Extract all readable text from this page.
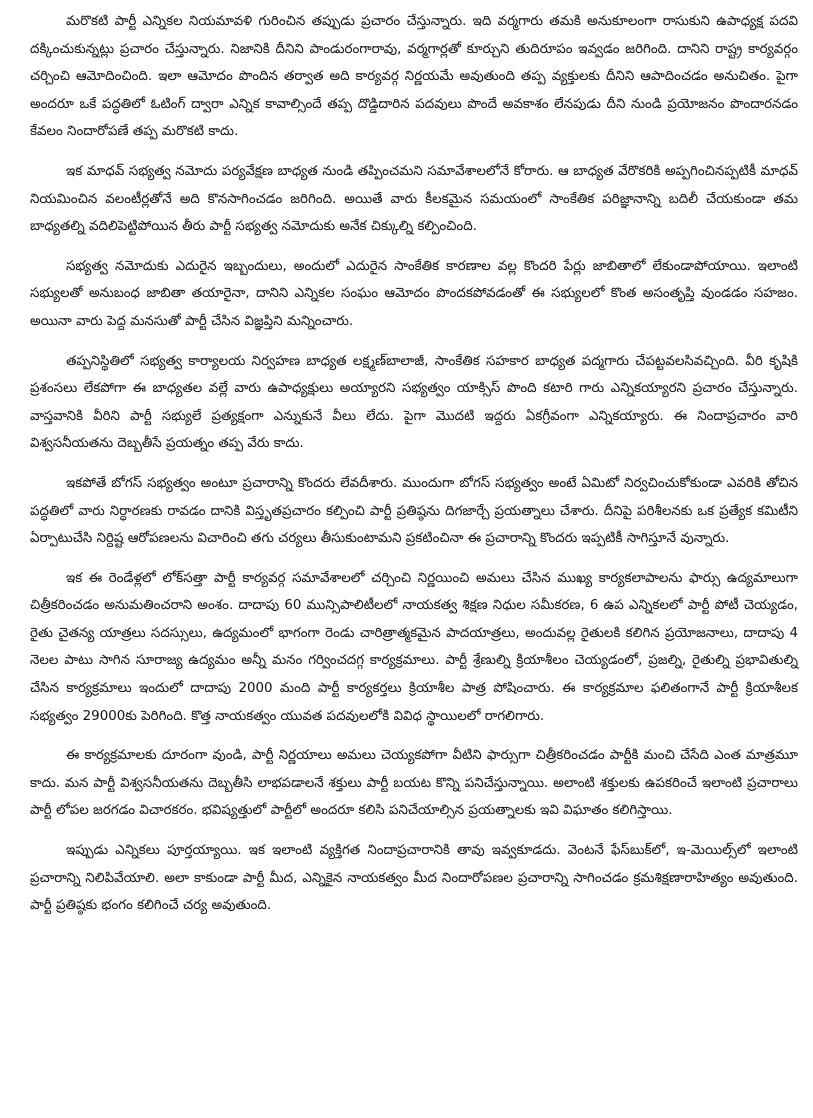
మరొకటి పార్టీ ఎన్నికల నియమావళి గురించిన తప్పుడు ప్రచారం చేస్తున్నారు. ఇది వర్మగారు తమకి అనుకూలంగా రాసుకుని ఉపాధ్యక్ష పదవి దక్కించుకున్నట్లు ప్రచారం చేస్తున్నారు. నిజానికి దీనిని పాండురంగారావు, వర్మగార్లతో కూర్చుని తుదిరూపం ఇవ్వడం జరిగింది. దానిని రాష్ట్ర కార్యవర్గం చర్చించి ఆమోదించింది. ఇలా ఆమోదం పొందిన తర్వాత అది కార్యవర్గ నిర్ణయమే అవుతుంది తప్ప వ్యక్తులకు దీనిని ఆపాదించడం అనుచితం. పైగా అందరూ ఒకే పద్ధతిలో ఓటింగ్ ద్వారా ఎన్నిక కావాల్సిందే తప్ప దొడ్డిదారిన పదవులు పొందే అవకాశం లేనపుడు దీని నుండి ప్రయోజనం పొందారనడం కేవలం నిందారోపణే తప్ప మరొకటి కాదు.

ఇక మాధవ్ సభ్యత్వ నమోదు పర్యవేక్షణ బాధ్యత నుండి తప్పించమని సమావేశాలలోనే కోరారు. ఆ బాధ్యత వేరొకరికి అప్పగించినప్పటికీ మాధవ్ నియమించిన వలంటీర్లతోనే అది కొనసాగించడం జరిగింది. అయితే వారు కీలకమైన సమయంలో సాంకేతిక పరిజ్ఞానాన్ని బదిలీ చేయకుండా తమ బాధ్యతల్ని వదిలిపెట్టిపోయిన తీరు పార్టీ సభ్యత్వ నమోదుకు అనేక చిక్కుల్ని కల్పించింది.

సభ్యత్వ నమోదుకు ఎదురైన ఇబ్బందులు, అందులో ఎదురైన సాంకేతిక కారణాల వల్ల కొందరి పేర్లు జాబితాలో లేకుండాపోయాయి. ఇలాంటి సభ్యులతో అనుబంధ జాబితా తయారైనా, దానిని ఎన్నికల సంఘం ఆమోదం పొందకపోవడంతో ఈ సభ్యులలో కొంత అసంతృప్తి వుండడం సహజం. అయినా వారు పెద్ద మనసుతో పార్టీ చేసిన విజ్ఞప్తిని మన్నించారు.

తప్పనిస్థితిలో సభ్యత్వ కార్యాలయ నిర్వహణ బాధ్యత లక్ష్మణ్‌బాలాజీ, సాంకేతిక సహకార బాధ్యత పద్మగారు చేపట్టవలసివచ్చింది. వీరి కృషికి ప్రశంసలు లేకపోగా ఈ బాధ్యతల వల్లే వారు ఉపాధ్యక్షులు అయ్యారని సభ్యత్వం యాక్సిస్ పొంది కటారి గారు ఎన్నికయ్యారని ప్రచారం చేస్తున్నారు. వాస్తవానికి వీరిని పార్టీ సభ్యులే ప్రత్యక్షంగా ఎన్నుకునే వీలు లేదు. పైగా మొదటి ఇద్దరు ఏకగ్రీవంగా ఎన్నికయ్యారు. ఈ నిందాప్రచారం వారి విశ్వసనీయతను దెబ్బతీసే ప్రయత్నం తప్ప వేరు కాదు.

ఇకపోతే బోగస్ సభ్యత్వం అంటూ ప్రచారాన్ని కొందరు లేవదీశారు. ముందుగా బోగస్ సభ్యత్వం అంటే ఏమిటో నిర్వచించుకోకుండా ఎవరికి తోచిన పద్ధతిలో వారు నిర్ధారణకు రావడం దానికి విస్తృతప్రచారం కల్పించి పార్టీ ప్రతిష్ఠను దిగజార్చే ప్రయత్నాలు చేశారు. దీనిపై పరిశీలనకు ఒక ప్రత్యేక కమిటీని ఏర్పాటుచేసి నిర్దిష్ట ఆరోపణలను విచారించి తగు చర్యలు తీసుకుంటామని ప్రకటించినా ఈ ప్రచారాన్ని కొందరు ఇప్పటికీ సాగిస్తూనే వున్నారు.

ఇక ఈ రెండేళ్లలో లోక్‌సత్తా పార్టీ కార్యవర్గ సమావేశాలలో చర్చించి నిర్ణయించి అమలు చేసిన ముఖ్య కార్యకలాపాలను ఫార్సు ఉద్యమాలుగా చిత్రీకరించడం అనుమతించరాని అంశం. దాదాపు 60 మున్సిపాలిటీలలో నాయకత్వ శిక్షణ నిధుల సమీకరణ, 6 ఉప ఎన్నికలలో పార్టీ పోటీ చెయ్యడం, రైతు చైతన్య యాత్రలు సదస్సులు, ఉద్యమంలో భాగంగా రెండు చారిత్రాత్మకమైన పాదయాత్రలు, అందువల్ల రైతులకి కలిగిన ప్రయోజనాలు, దాదాపు 4 నెలల పాటు సాగిన సూరాజ్య ఉద్యమం అన్నీ మనం గర్వించదగ్గ కార్యక్రమాలు. పార్టీ శ్రేణుల్ని క్రియాశీలం చెయ్యడంలో, ప్రజల్ని, రైతుల్ని ప్రభావితుల్ని చేసిన కార్యక్రమాలు ఇందులో దాదాపు 2000 మంది పార్టీ కార్యకర్తలు క్రియాశీల పాత్ర పోషించారు. ఈ కార్యక్రమాల ఫలితంగానే పార్టీ క్రియాశీలక సభ్యత్వం 29000కు పెరిగింది. కొత్త నాయకత్వం యువత పదవులలోకి వివిధ స్థాయిలలో రాగలిగారు.

ఈ కార్యక్రమాలకు దూరంగా వుండి, పార్టీ నిర్ణయాలు అమలు చెయ్యకపోగా వీటిని ఫార్సుగా చిత్రీకరించడం పార్టీకి మంచి చేసేది ఎంత మాత్రమూ కాదు. మన పార్టీ విశ్వసనీయతను దెబ్బతీసి లాభపడాలనే శక్తులు పార్టీ బయట కొన్ని పనిచేస్తున్నాయి. అలాంటి శక్తులకు ఉపకరించే ఇలాంటి ప్రచారాలు పార్టీ లోపల జరగడం విచారకరం. భవిష్యత్తులో పార్టీలో అందరూ కలిసి పనిచేయాల్సిన ప్రయత్నాలకు ఇవి విఘాతం కలిగిస్తాయి.

ఇప్పుడు ఎన్నికలు పూర్తయ్యాయి. ఇక ఇలాంటి వ్యక్తిగత నిందాప్రచారానికి తావు ఇవ్వకూడదు. వెంటనే ఫేస్‌బుక్‌లో, ఇ-మెయిల్స్‌లో ఇలాంటి ప్రచారాన్ని నిలిపివేయాలి. అలా కాకుండా పార్టీ మీద, ఎన్నికైన నాయకత్వం మీద నిందారోపణల ప్రచారాన్ని సాగించడం క్రమశిక్షణారాహిత్యం అవుతుంది. పార్టీ ప్రతిష్ఠకు భంగం కలిగించే చర్య అవుతుంది.
